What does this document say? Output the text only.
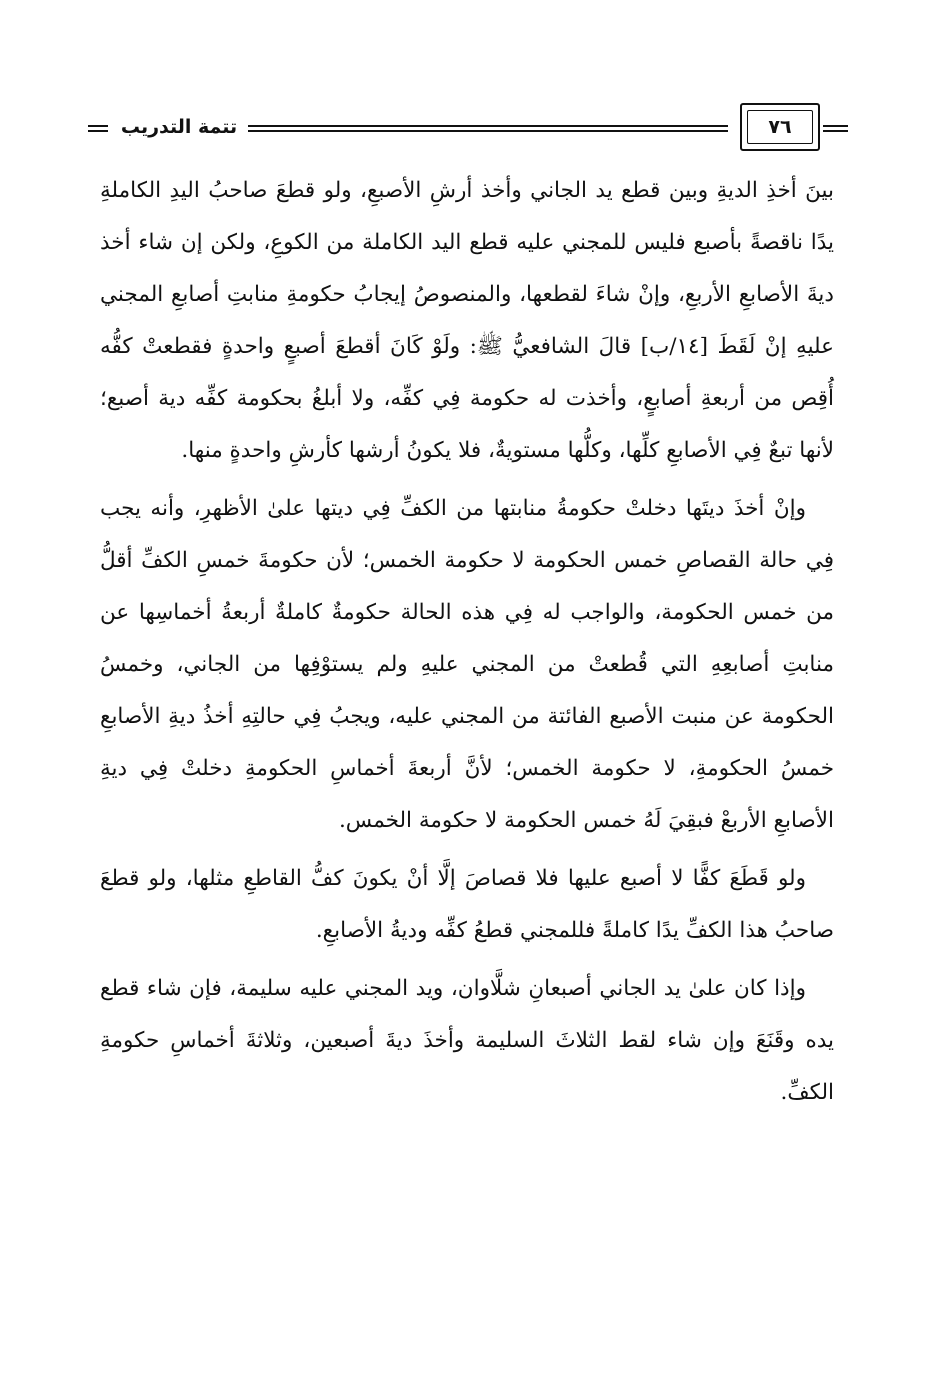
تتمة التدريب	٧٦

بينَ أخذِ الديةِ وبين قطع يد الجاني وأخذ أرشِ الأصبعِ، ولو قطعَ صاحبُ اليدِ الكاملةِ يدًا ناقصةً بأصبع فليس للمجني عليه قطع اليد الكاملة من الكوعِ، ولكن إن شاء أخذ ديةَ الأصابعِ الأربعِ، وإنْ شاءَ لقطعها، والمنصوصُ إيجابُ حكومةِ منابتِ أصابعِ المجني عليهِ إنْ لَقَطَ [١٤/ب] قالَ الشافعيُّ ﷺ: ولَوْ كَانَ أقطعَ أصبعٍ واحدةٍ فقطعتْ كفُّه أُقِص من أربعةِ أصابعٍ، وأخذت له حكومة فِي كفِّه، ولا أبلغُ بحكومة كفِّه دية أصبع؛ لأنها تبعٌ فِي الأصابعِ كلِّها، وكلُّها مستويةٌ، فلا يكونُ أرشها كأرشِ واحدةٍ منها.

وإنْ أخذَ ديتَها دخلتْ حكومةُ منابتها من الكفِّ فِي ديتها علىٰ الأظهرِ، وأنه يجب فِي حالة القصاصِ خمس الحكومة لا حكومة الخمس؛ لأن حكومةَ خمسِ الكفِّ أقلُّ من خمس الحكومة، والواجب له فِي هذه الحالة حكومةٌ كاملةٌ أربعةُ أخماسِها عن منابتِ أصابعِهِ التي قُطعتْ من المجني عليهِ ولم يستوْفِها من الجاني، وخمسُ الحكومة عن منبت الأصبع الفائتة من المجني عليه، ويجبُ فِي حالتِهِ أخذُ ديةِ الأصابعِ خمسُ الحكومةِ، لا حكومة الخمس؛ لأنَّ أربعةَ أخماسِ الحكومةِ دخلتْ فِي ديةِ الأصابعِ الأربعْ فبقِيَ لَهُ خمس الحكومة لا حكومة الخمس.

ولو قَطَعَ كفًّا لا أصبع عليها فلا قصاصَ إلَّا أنْ يكونَ كفُّ القاطعِ مثلها، ولو قطعَ صاحبُ هذا الكفِّ يدًا كاملةً فللمجني قطعُ كفِّه وديةُ الأصابعِ.

وإذا كان علىٰ يد الجاني أصبعانِ شلَّاوان، ويد المجني عليه سليمة، فإن شاء قطع يده وقَنَعَ وإن شاء لقط الثلاثَ السليمة وأخذَ ديةَ أصبعين، وثلاثةَ أخماسِ حكومةِ الكفِّ.
